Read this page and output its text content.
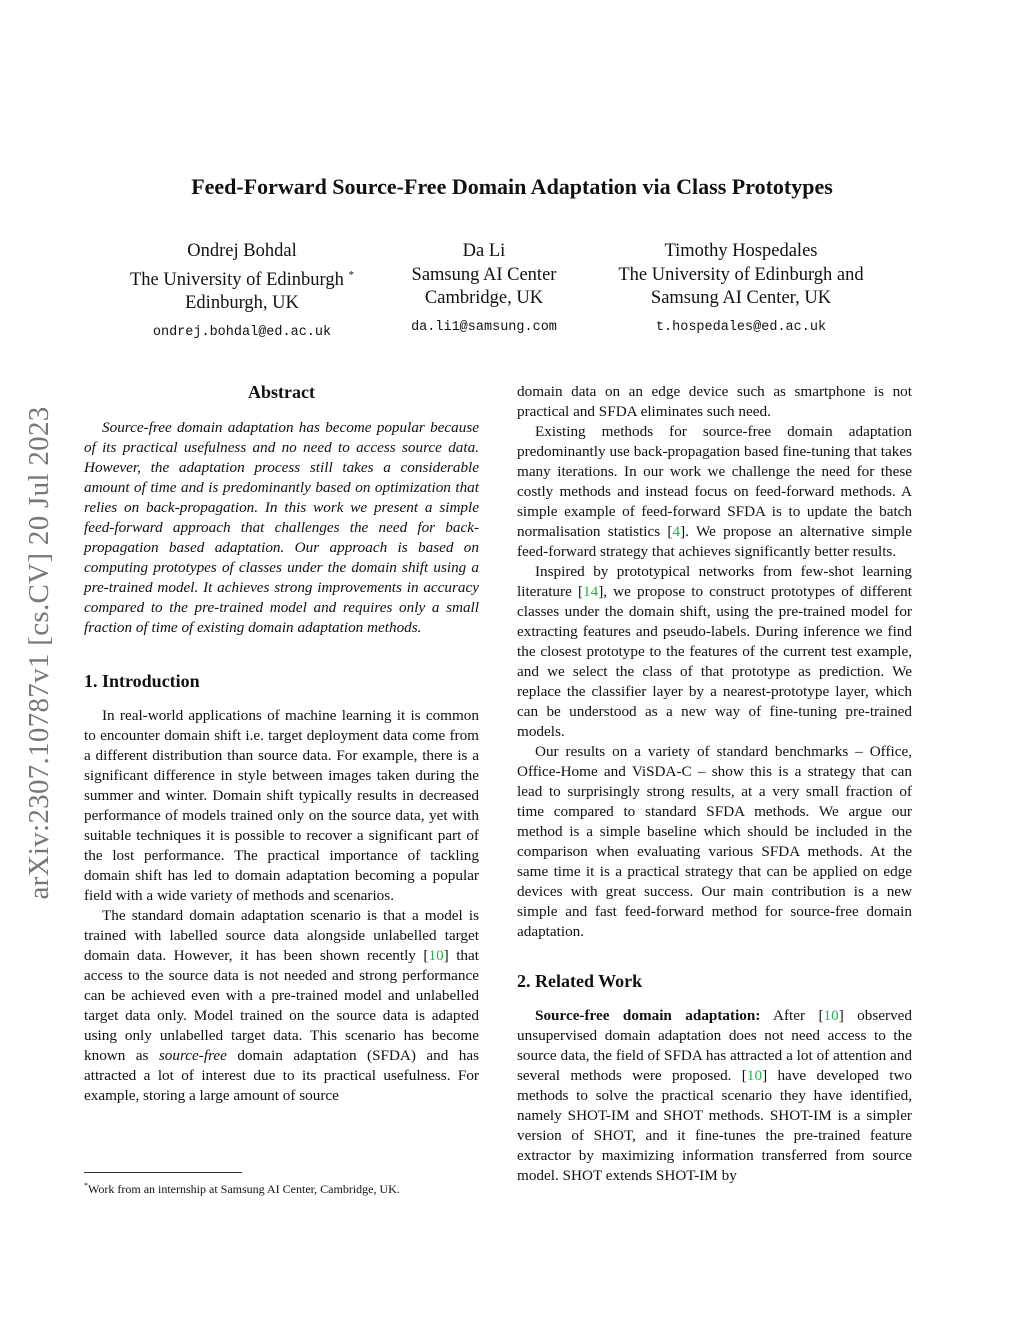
Feed-Forward Source-Free Domain Adaptation via Class Prototypes
Ondrej Bohdal
The University of Edinburgh *
Edinburgh, UK
ondrej.bohdal@ed.ac.uk
Da Li
Samsung AI Center
Cambridge, UK
da.li1@samsung.com
Timothy Hospedales
The University of Edinburgh and
Samsung AI Center, UK
t.hospedales@ed.ac.uk
arXiv:2307.10787v1 [cs.CV] 20 Jul 2023
Abstract

Source-free domain adaptation has become popular because of its practical usefulness and no need to access source data. However, the adaptation process still takes a considerable amount of time and is predominantly based on optimization that relies on back-propagation. In this work we present a simple feed-forward approach that challenges the need for back-propagation based adaptation. Our approach is based on computing prototypes of classes under the domain shift using a pre-trained model. It achieves strong improvements in accuracy compared to the pre-trained model and requires only a small fraction of time of existing domain adaptation methods.

1. Introduction

In real-world applications of machine learning it is common to encounter domain shift i.e. target deployment data come from a different distribution than source data. For example, there is a significant difference in style between images taken during the summer and winter. Domain shift typically results in decreased performance of models trained only on the source data, yet with suitable techniques it is possible to recover a significant part of the lost performance. The practical importance of tackling domain shift has led to domain adaptation becoming a popular field with a wide variety of methods and scenarios.

The standard domain adaptation scenario is that a model is trained with labelled source data alongside unlabelled target domain data. However, it has been shown recently [10] that access to the source data is not needed and strong performance can be achieved even with a pre-trained model and unlabelled target data only. Model trained on the source data is adapted using only unlabelled target data. This scenario has become known as source-free domain adaptation (SFDA) and has attracted a lot of interest due to its practical usefulness. For example, storing a large amount of source

*Work from an internship at Samsung AI Center, Cambridge, UK.

domain data on an edge device such as smartphone is not practical and SFDA eliminates such need.

Existing methods for source-free domain adaptation predominantly use back-propagation based fine-tuning that takes many iterations. In our work we challenge the need for these costly methods and instead focus on feed-forward methods. A simple example of feed-forward SFDA is to update the batch normalisation statistics [4]. We propose an alternative simple feed-forward strategy that achieves significantly better results.

Inspired by prototypical networks from few-shot learning literature [14], we propose to construct prototypes of different classes under the domain shift, using the pre-trained model for extracting features and pseudo-labels. During inference we find the closest prototype to the features of the current test example, and we select the class of that prototype as prediction. We replace the classifier layer by a nearest-prototype layer, which can be understood as a new way of fine-tuning pre-trained models.

Our results on a variety of standard benchmarks – Office, Office-Home and ViSDA-C – show this is a strategy that can lead to surprisingly strong results, at a very small fraction of time compared to standard SFDA methods. We argue our method is a simple baseline which should be included in the comparison when evaluating various SFDA methods. At the same time it is a practical strategy that can be applied on edge devices with great success. Our main contribution is a new simple and fast feed-forward method for source-free domain adaptation.

2. Related Work

Source-free domain adaptation: After [10] observed unsupervised domain adaptation does not need access to the source data, the field of SFDA has attracted a lot of attention and several methods were proposed. [10] have developed two methods to solve the practical scenario they have identified, namely SHOT-IM and SHOT methods. SHOT-IM is a simpler version of SHOT, and it fine-tunes the pre-trained feature extractor by maximizing information transferred from source model. SHOT extends SHOT-IM by
